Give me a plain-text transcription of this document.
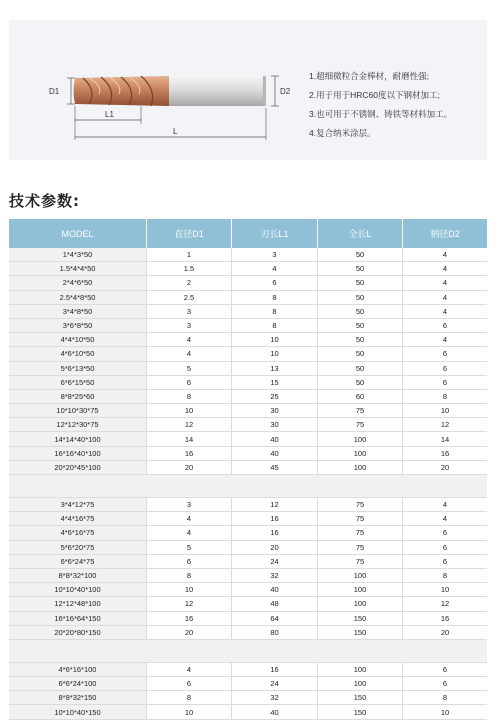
D1	D2
L1
L
1.超细微粒合金棒材，耐磨性强;
2.用于用于HRC60度以下钢材加工;
3.也可用于不锈钢、铸铁等材料加工。
4.复合纳米涂层。
技术参数:
MODEL	直径D1	刃长L1	全长L	柄径D2
1*4*3*50	1	3	50	4
1.5*4*4*50	1.5	4	50	4
2*4*6*50	2	6	50	4
2.5*4*8*50	2.5	8	50	4
3*4*8*50	3	8	50	4
3*6*8*50	3	8	50	6
4*4*10*50	4	10	50	4
4*6*10*50	4	10	50	6
5*6*13*50	5	13	50	6
6*6*15*50	6	15	50	6
8*8*25*60	8	25	60	8
10*10*30*75	10	30	75	10
12*12*30*75	12	30	75	12
14*14*40*100	14	40	100	14
16*16*40*100	16	40	100	16
20*20*45*100	20	45	100	20
3*4*12*75	3	12	75	4
4*4*16*75	4	16	75	4
4*6*16*75	4	16	75	6
5*6*20*75	5	20	75	6
6*6*24*75	6	24	75	6
8*8*32*100	8	32	100	8
10*10*40*100	10	40	100	10
12*12*48*100	12	48	100	12
16*16*64*150	16	64	150	16
20*20*80*150	20	80	150	20
4*6*16*100	4	16	100	6
6*6*24*100	6	24	100	6
8*8*32*150	8	32	150	8
10*10*40*150	10	40	150	10
